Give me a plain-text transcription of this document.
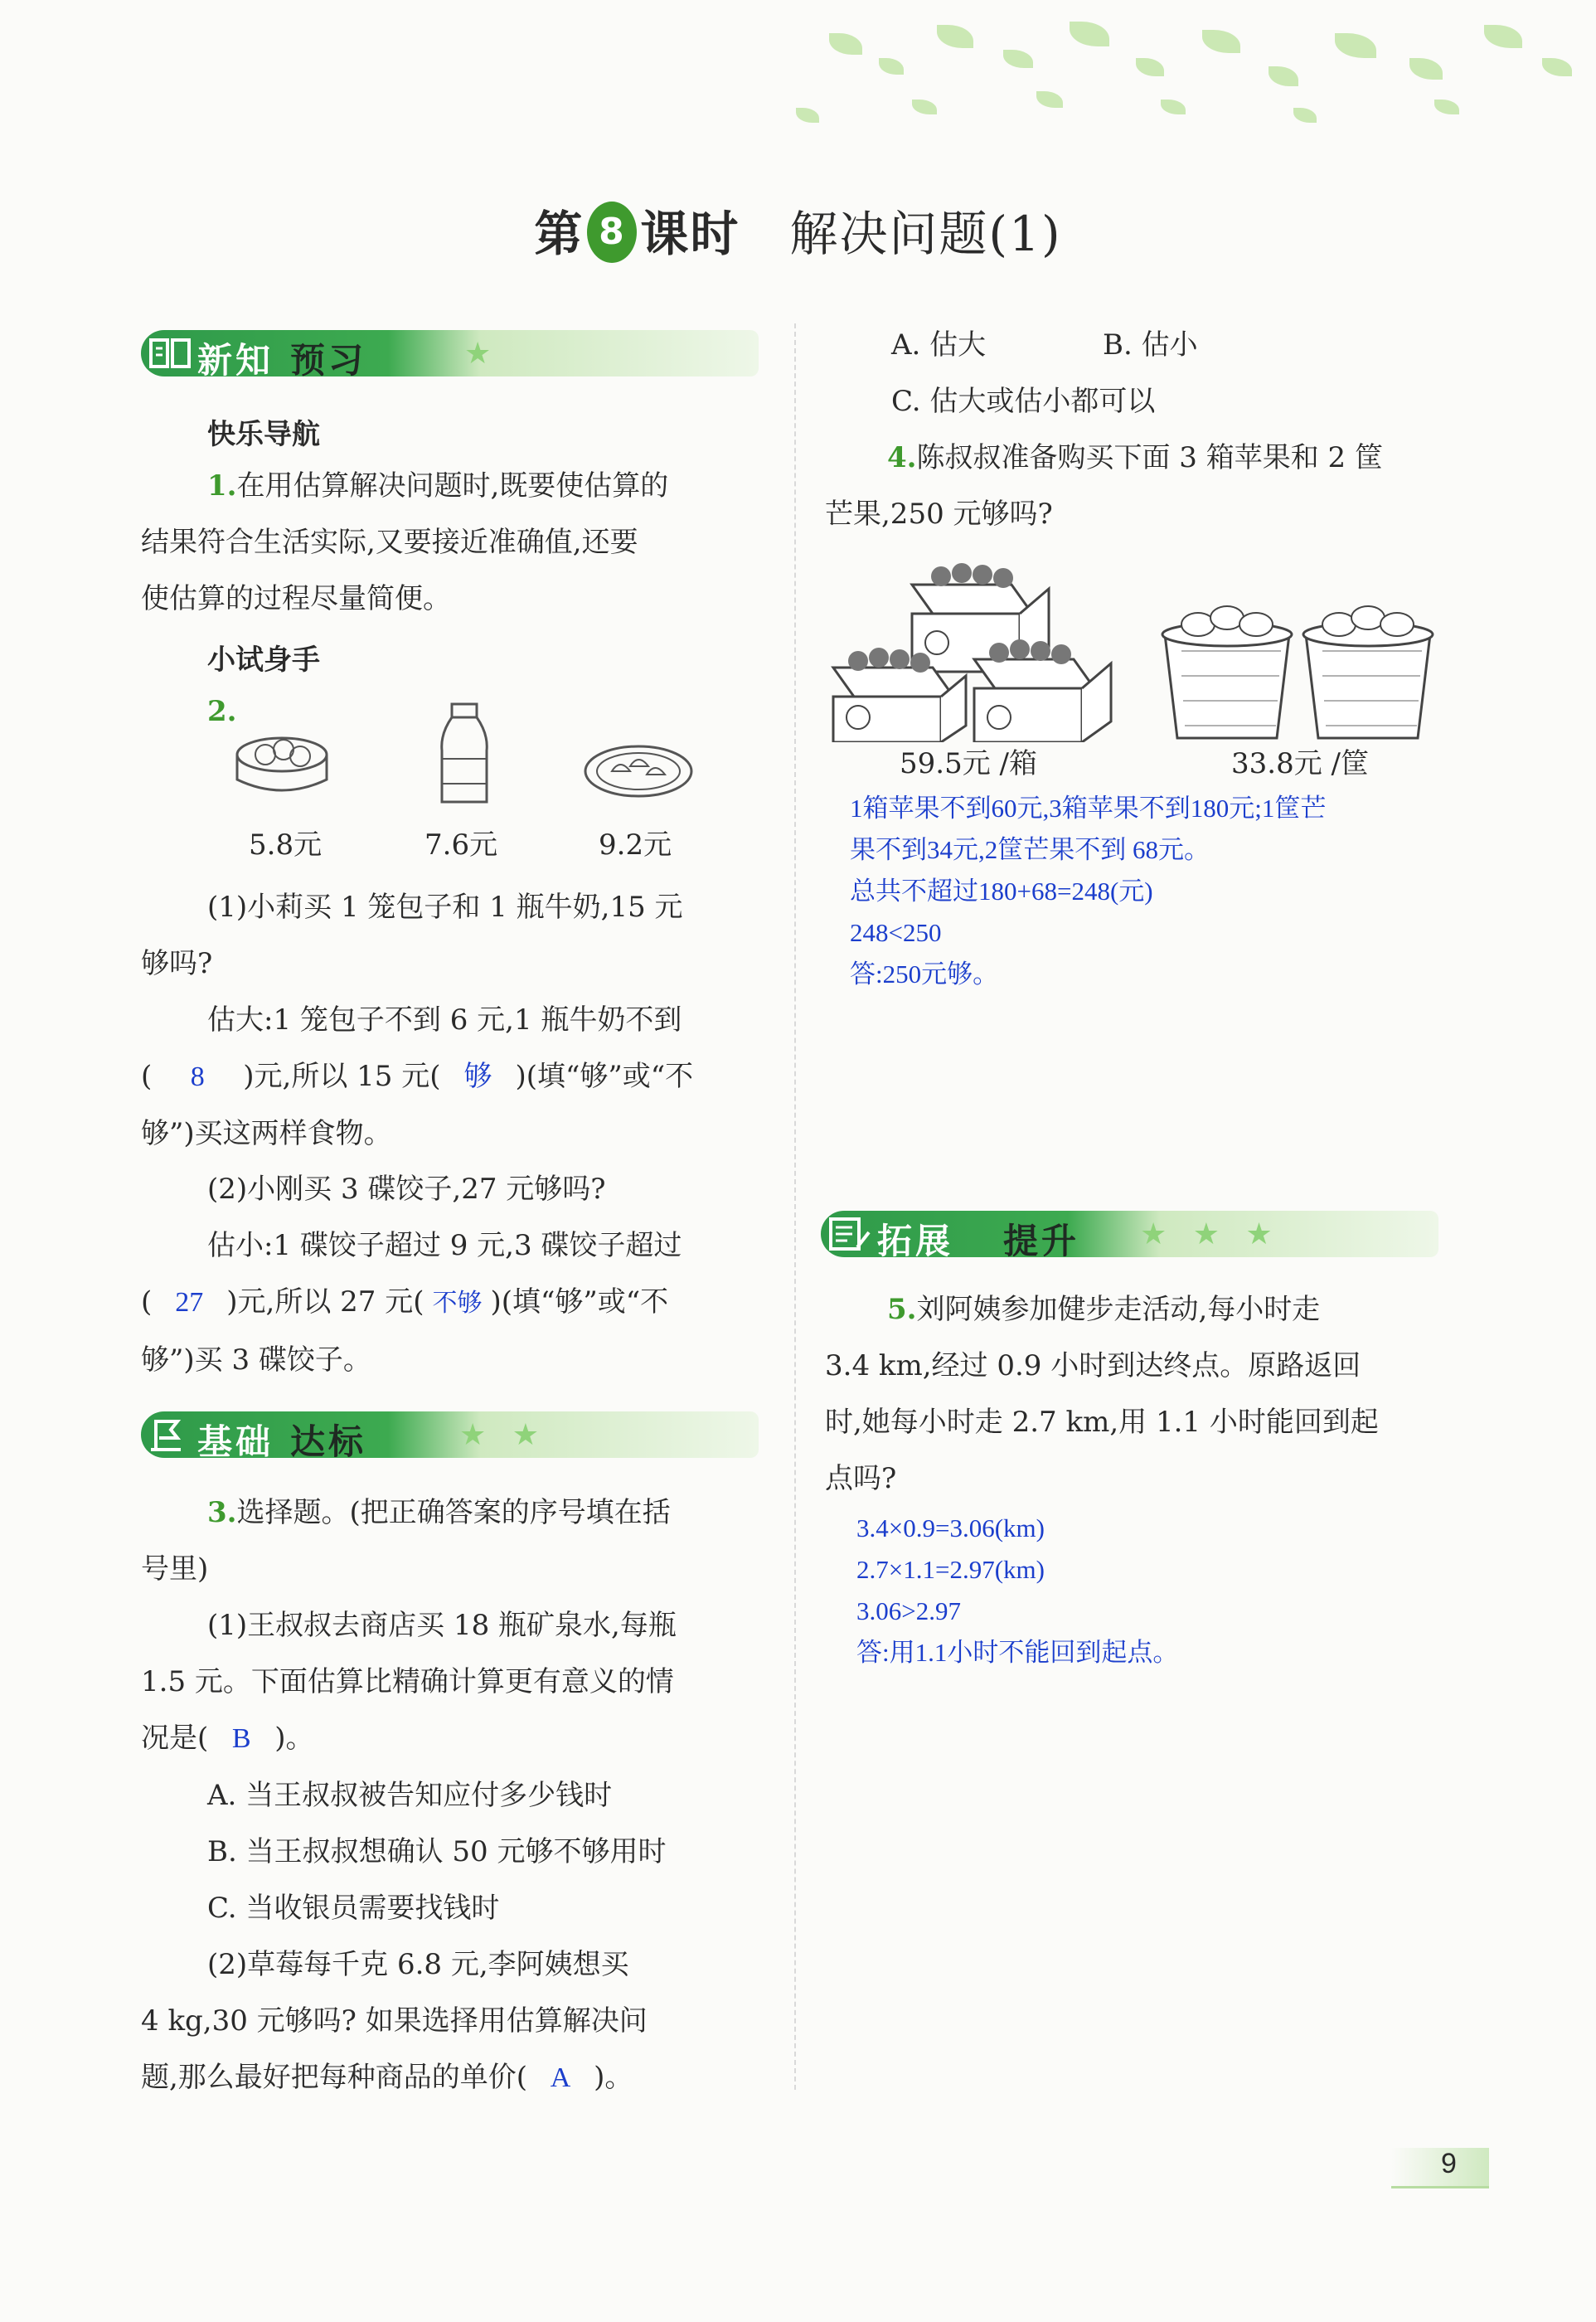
第 8 课时 解决问题(1)
新知 预习	★
快乐导航
1.在用估算解决问题时,既要使估算的
结果符合生活实际,又要接近准确值,还要
使估算的过程尽量简便。
小试身手
2.
5.8元	7.6元	9.2元
(1)小莉买 1 笼包子和 1 瓶牛奶,15 元
够吗?
估大:1 笼包子不到 6 元,1 瓶牛奶不到
( 8 )元,所以 15 元( 够 )(填“够”或“不
够”)买这两样食物。
(2)小刚买 3 碟饺子,27 元够吗?
估小:1 碟饺子超过 9 元,3 碟饺子超过
( 27 )元,所以 27 元( 不够 )(填“够”或“不
够”)买 3 碟饺子。
基础 达标	★ ★
3.选择题。(把正确答案的序号填在括
号里)
(1)王叔叔去商店买 18 瓶矿泉水,每瓶
1.5 元。下面估算比精确计算更有意义的情
况是( B )。
A. 当王叔叔被告知应付多少钱时
B. 当王叔叔想确认 50 元够不够用时
C. 当收银员需要找钱时
(2)草莓每千克 6.8 元,李阿姨想买
4 kg,30 元够吗? 如果选择用估算解决问
题,那么最好把每种商品的单价( A )。
A. 估大	B. 估小
C. 估大或估小都可以
4.陈叔叔准备购买下面 3 箱苹果和 2 筐
芒果,250 元够吗?
59.5元 /箱	33.8元 /筐
1箱苹果不到60元,3箱苹果不到180元;1筐芒
果不到34元,2筐芒果不到 68元。
总共不超过180+68=248(元)
248<250
答:250元够。
拓展 提升 ★ ★ ★
5.刘阿姨参加健步走活动,每小时走
3.4 km,经过 0.9 小时到达终点。原路返回
时,她每小时走 2.7 km,用 1.1 小时能回到起
点吗?
3.4×0.9=3.06(km)
2.7×1.1=2.97(km)
3.06>2.97
答:用1.1小时不能回到起点。
9
